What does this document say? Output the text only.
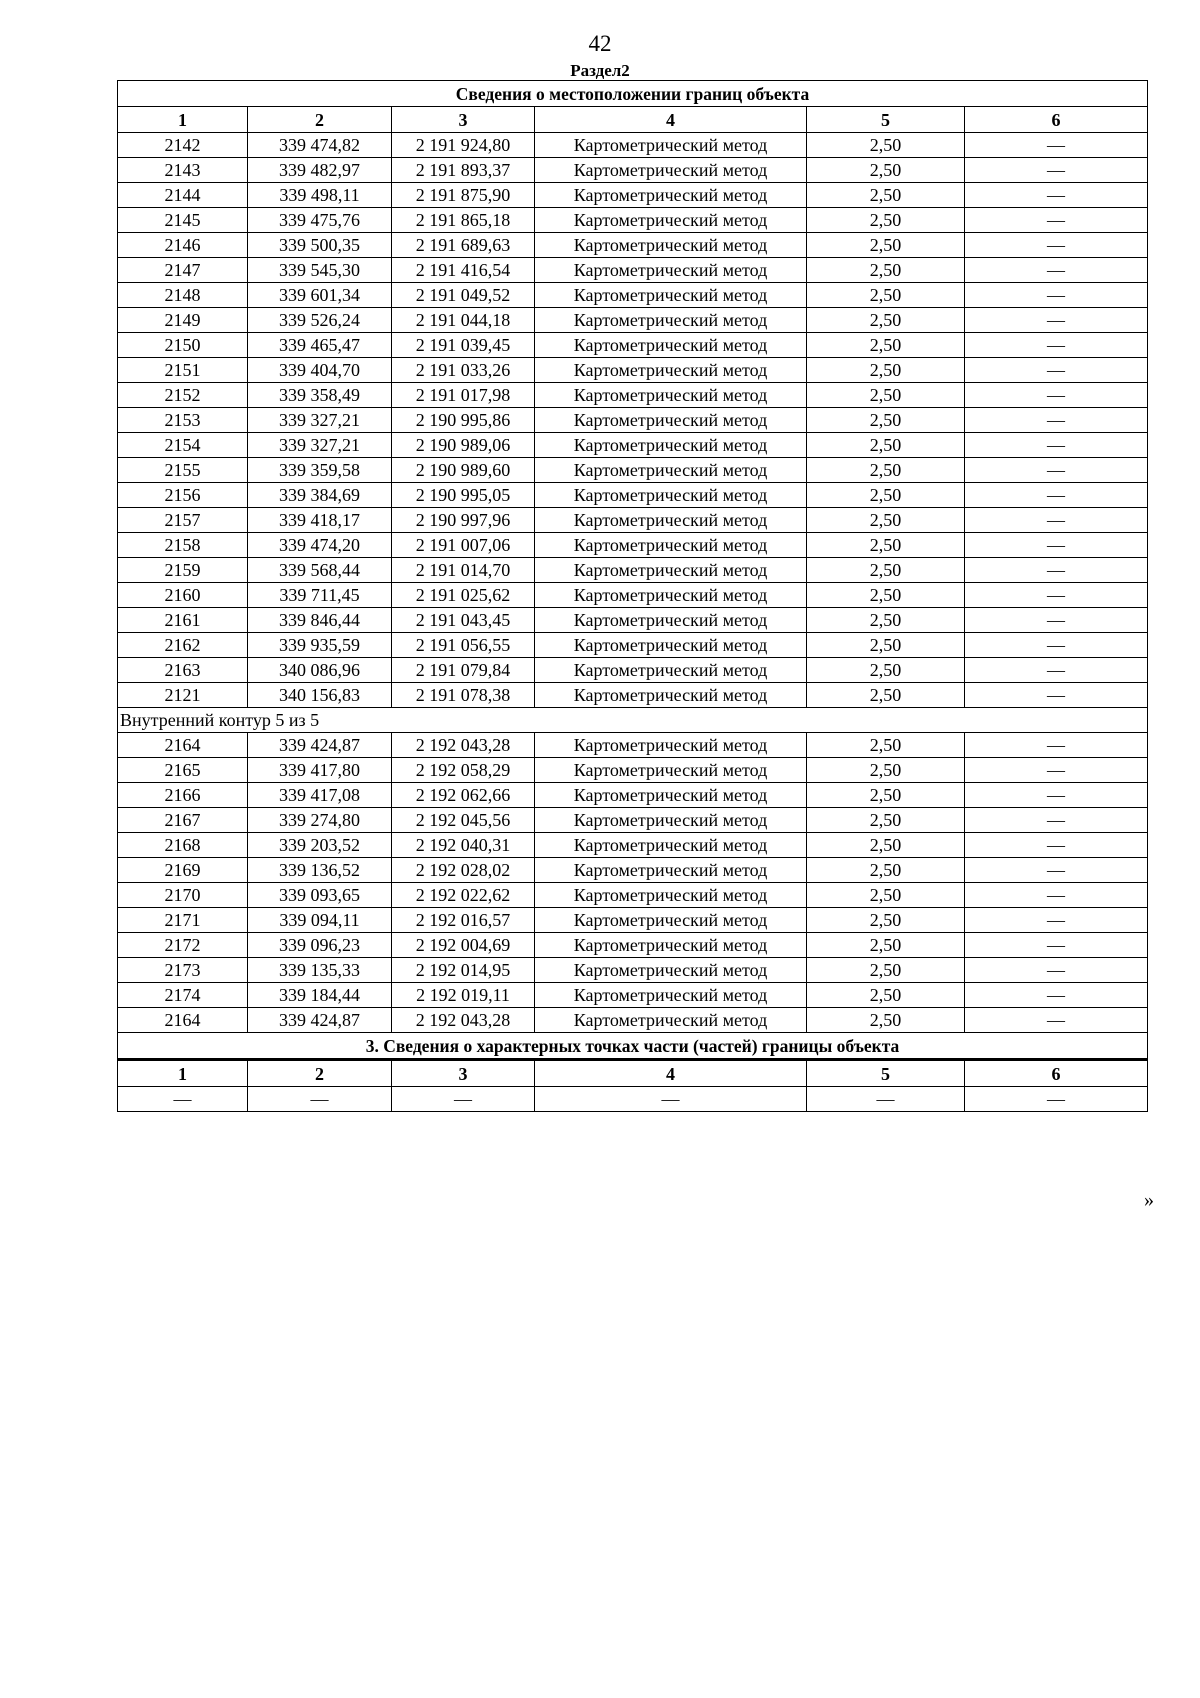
42
Раздел2
Сведения о местоположении границ объекта					
1	2	3	4	5	6
2142	339 474,82	2 191 924,80	Картометрический метод	2,50	—
2143	339 482,97	2 191 893,37	Картометрический метод	2,50	—
2144	339 498,11	2 191 875,90	Картометрический метод	2,50	—
2145	339 475,76	2 191 865,18	Картометрический метод	2,50	—
2146	339 500,35	2 191 689,63	Картометрический метод	2,50	—
2147	339 545,30	2 191 416,54	Картометрический метод	2,50	—
2148	339 601,34	2 191 049,52	Картометрический метод	2,50	—
2149	339 526,24	2 191 044,18	Картометрический метод	2,50	—
2150	339 465,47	2 191 039,45	Картометрический метод	2,50	—
2151	339 404,70	2 191 033,26	Картометрический метод	2,50	—
2152	339 358,49	2 191 017,98	Картометрический метод	2,50	—
2153	339 327,21	2 190 995,86	Картометрический метод	2,50	—
2154	339 327,21	2 190 989,06	Картометрический метод	2,50	—
2155	339 359,58	2 190 989,60	Картометрический метод	2,50	—
2156	339 384,69	2 190 995,05	Картометрический метод	2,50	—
2157	339 418,17	2 190 997,96	Картометрический метод	2,50	—
2158	339 474,20	2 191 007,06	Картометрический метод	2,50	—
2159	339 568,44	2 191 014,70	Картометрический метод	2,50	—
2160	339 711,45	2 191 025,62	Картометрический метод	2,50	—
2161	339 846,44	2 191 043,45	Картометрический метод	2,50	—
2162	339 935,59	2 191 056,55	Картометрический метод	2,50	—
2163	340 086,96	2 191 079,84	Картометрический метод	2,50	—
2121	340 156,83	2 191 078,38	Картометрический метод	2,50	—
Внутренний контур 5 из 5					
2164	339 424,87	2 192 043,28	Картометрический метод	2,50	—
2165	339 417,80	2 192 058,29	Картометрический метод	2,50	—
2166	339 417,08	2 192 062,66	Картометрический метод	2,50	—
2167	339 274,80	2 192 045,56	Картометрический метод	2,50	—
2168	339 203,52	2 192 040,31	Картометрический метод	2,50	—
2169	339 136,52	2 192 028,02	Картометрический метод	2,50	—
2170	339 093,65	2 192 022,62	Картометрический метод	2,50	—
2171	339 094,11	2 192 016,57	Картометрический метод	2,50	—
2172	339 096,23	2 192 004,69	Картометрический метод	2,50	—
2173	339 135,33	2 192 014,95	Картометрический метод	2,50	—
2174	339 184,44	2 192 019,11	Картометрический метод	2,50	—
2164	339 424,87	2 192 043,28	Картометрический метод	2,50	—
3. Сведения о характерных точках части (частей) границы объекта					
1	2	3	4	5	6
—	—	—	—	—	—
»
